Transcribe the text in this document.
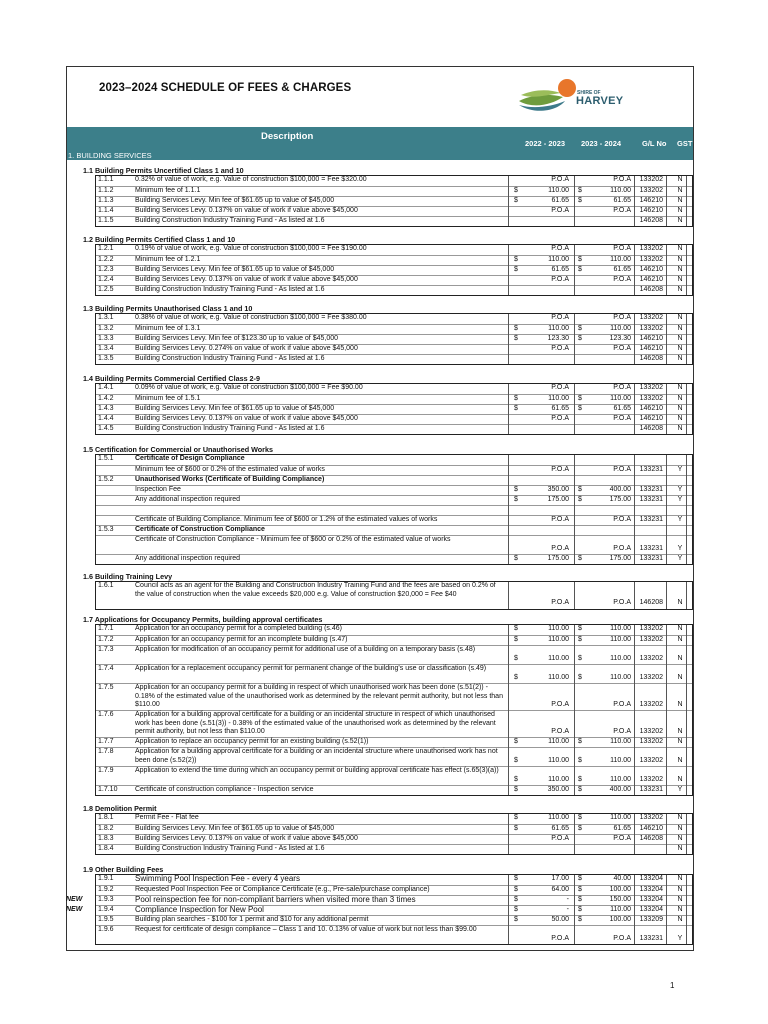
2023–2024 SCHEDULE OF FEES & CHARGES	SHIRE OF
HARVEY
Description
2022 - 2023 2023 - 2024	G/L No GST
1. BUILDING SERVICES
1.1 Building Permits Uncertified Class 1 and 10
1.1.1	0.32% of value of work, e.g. Value of construction $100,000 = Fee $320.00	P.O.A	P.O.A 133202	N
1.1.2	Minimum fee of 1.1.1	$	110.00 $	110.00 133202	N
1.1.3	Building Services Levy. Min fee of $61.65 up to value of $45,000	$	61.65 $	61.65 146210	N
1.1.4	Building Services Levy. 0.137% on value of work if value above $45,000	P.O.A	P.O.A 146210	N
1.1.5	Building Construction Industry Training Fund - As listed at 1.6	146208	N
1.2 Building Permits Certified Class 1 and 10
1.2.1	0.19% of value of work, e.g. Value of construction $100,000 = Fee $190.00	P.O.A	P.O.A 133202	N
1.2.2	Minimum fee of 1.2.1	$	110.00 $	110.00 133202	N
1.2.3	Building Services Levy. Min fee of $61.65 up to value of $45,000	$	61.65 $	61.65 146210	N
1.2.4	Building Services Levy. 0.137% on value of work if value above $45,000	P.O.A	P.O.A 146210	N
1.2.5	Building Construction Industry Training Fund - As listed at 1.6	146208	N
1.3 Building Permits Unauthorised Class 1 and 10
1.3.1	0.38% of value of work, e.g. Value of construction $100,000 = Fee $380.00	P.O.A	P.O.A 133202	N
1.3.2	Minimum fee of 1.3.1	$	110.00 $	110.00 133202	N
1.3.3	Building Services Levy. Min fee of $123.30 up to value of $45,000	$	123.30 $	123.30 146210	N
1.3.4	Building Services Levy. 0.274% on value of work if value above $45,000	P.O.A	P.O.A 146210	N
1.3.5	Building Construction Industry Training Fund - As listed at 1.6	146208	N
1.4 Building Permits Commercial Certified Class 2-9
1.4.1	0.09% of value of work, e.g. Value of construction $100,000 = Fee $90.00	P.O.A	P.O.A 133202	N
1.4.2	Minimum fee of 1.5.1	$	110.00 $	110.00 133202	N
1.4.3	Building Services Levy. Min fee of $61.65 up to value of $45,000	$	61.65 $	61.65 146210	N
1.4.4	Building Services Levy. 0.137% on value of work if value above $45,000	P.O.A	P.O.A 146210	N
1.4.5	Building Construction Industry Training Fund - As listed at 1.6	146208	N
1.5 Certification for Commercial or Unauthorised Works
1.5.1	Certificate of Design Compliance
Minimum fee of $600 or 0.2% of the estimated value of works	P.O.A	P.O.A 133231	Y
1.5.2	Unauthorised Works (Certificate of Building Compliance)
Inspection Fee	$	350.00 $	400.00 133231	Y
Any additional inspection required	$	175.00 $	175.00 133231	Y
Certificate of Building Compliance. Minimum fee of $600 or 1.2% of the estimated values of works	P.O.A	P.O.A 133231	Y
1.5.3	Certificate of Construction Compliance
Certificate of Construction Compliance - Minimum fee of $600 or 0.2% of the estimated value of works
P.O.A	P.O.A 133231	Y
Any additional inspection required	$	175.00 $	175.00 133231	Y
1.6 Building Training Levy
1.6.1	Council acts as an agent for the Building and Construction Industry Training Fund and the fees are based on 0.2% of the value of construction when the value exceeds $20,000 e.g. Value of construction $20,000 = Fee $40
P.O.A	P.O.A 146208	N
1.7 Applications for Occupancy Permits, building approval certificates
1.7.1	Application for an occupancy permit for a completed building (s.46)	$	110.00 $	110.00 133202	N
1.7.2	Application for an occupancy permit for an incomplete building (s.47)	$	110.00 $	110.00 133202	N
1.7.3	Application for modification of an occupancy permit for additional use of a building on a temporary basis (s.48)
$	110.00 $	110.00 133202	N
1.7.4	Application for a replacement occupancy permit for permanent change of the building's use or classification (s.49)
$	110.00 $	110.00 133202	N
1.7.5	Application for an occupancy permit for a building in respect of which unauthorised work has been done (s.51(2)) - 0.18% of the estimated value of the unauthorised work as determined by the relevant permit authority, but not less than $110.00	P.O.A	P.O.A 133202	N
1.7.6	Application for a building approval certificate for a building or an incidental structure in respect of which unauthorised work has been done (s.51(3)) - 0.38% of the estimated value of the unauthorised work as determined by the relevant permit authority, but not less than $110.00	P.O.A	P.O.A 133202	N
1.7.7	Application to replace an occupancy permit for an existing building (s.52(1))	$	110.00 $	110.00 133202	N
1.7.8	Application for a building approval certificate for a building or an incidental structure where unauthorised work has not been done (s.52(2))	$	110.00 $	110.00 133202	N
1.7.9	Application to extend the time during which an occupancy permit or building approval certificate has effect (s.65(3)(a))
$	110.00 $	110.00 133202	N
1.7.10	Certificate of construction compliance - Inspection service	$	350.00 $	400.00 133231	Y
1.8 Demolition Permit
1.8.1	Permit Fee - Flat fee	$	110.00 $	110.00 133202	N
1.8.2	Building Services Levy. Min fee of $61.65 up to value of $45,000	$	61.65 $	61.65 146210	N
1.8.3	Building Services Levy. 0.137% on value of work if value above $45,000	P.O.A	P.O.A 146208	N
1.8.4	Building Construction Industry Training Fund - As listed at 1.6	N
1.9 Other Building Fees
1.9.1	Swimming Pool Inspection Fee - every 4 years	$	17.00 $	40.00 133204	N
1.9.2	Requested Pool Inspection Fee or Compliance Certificate (e.g., Pre-sale/purchase compliance)	$	64.00 $	100.00 133204	N
1.9.3	Pool reinspection fee for non-compliant barriers when visited more than 3 times
NEW	$	- $	150.00 133204	N
1.9.4	Compliance Inspection for New Pool
NEW	$	- $	110.00 133204	N
1.9.5	Building plan searches - $100 for 1 permit and $10 for any additional permit	$	50.00 $	100.00 133209	N
1.9.6	Request for certificate of design compliance – Class 1 and 10. 0.13% of value of work but not less than $99.00
P.O.A	P.O.A 133231	Y
1
